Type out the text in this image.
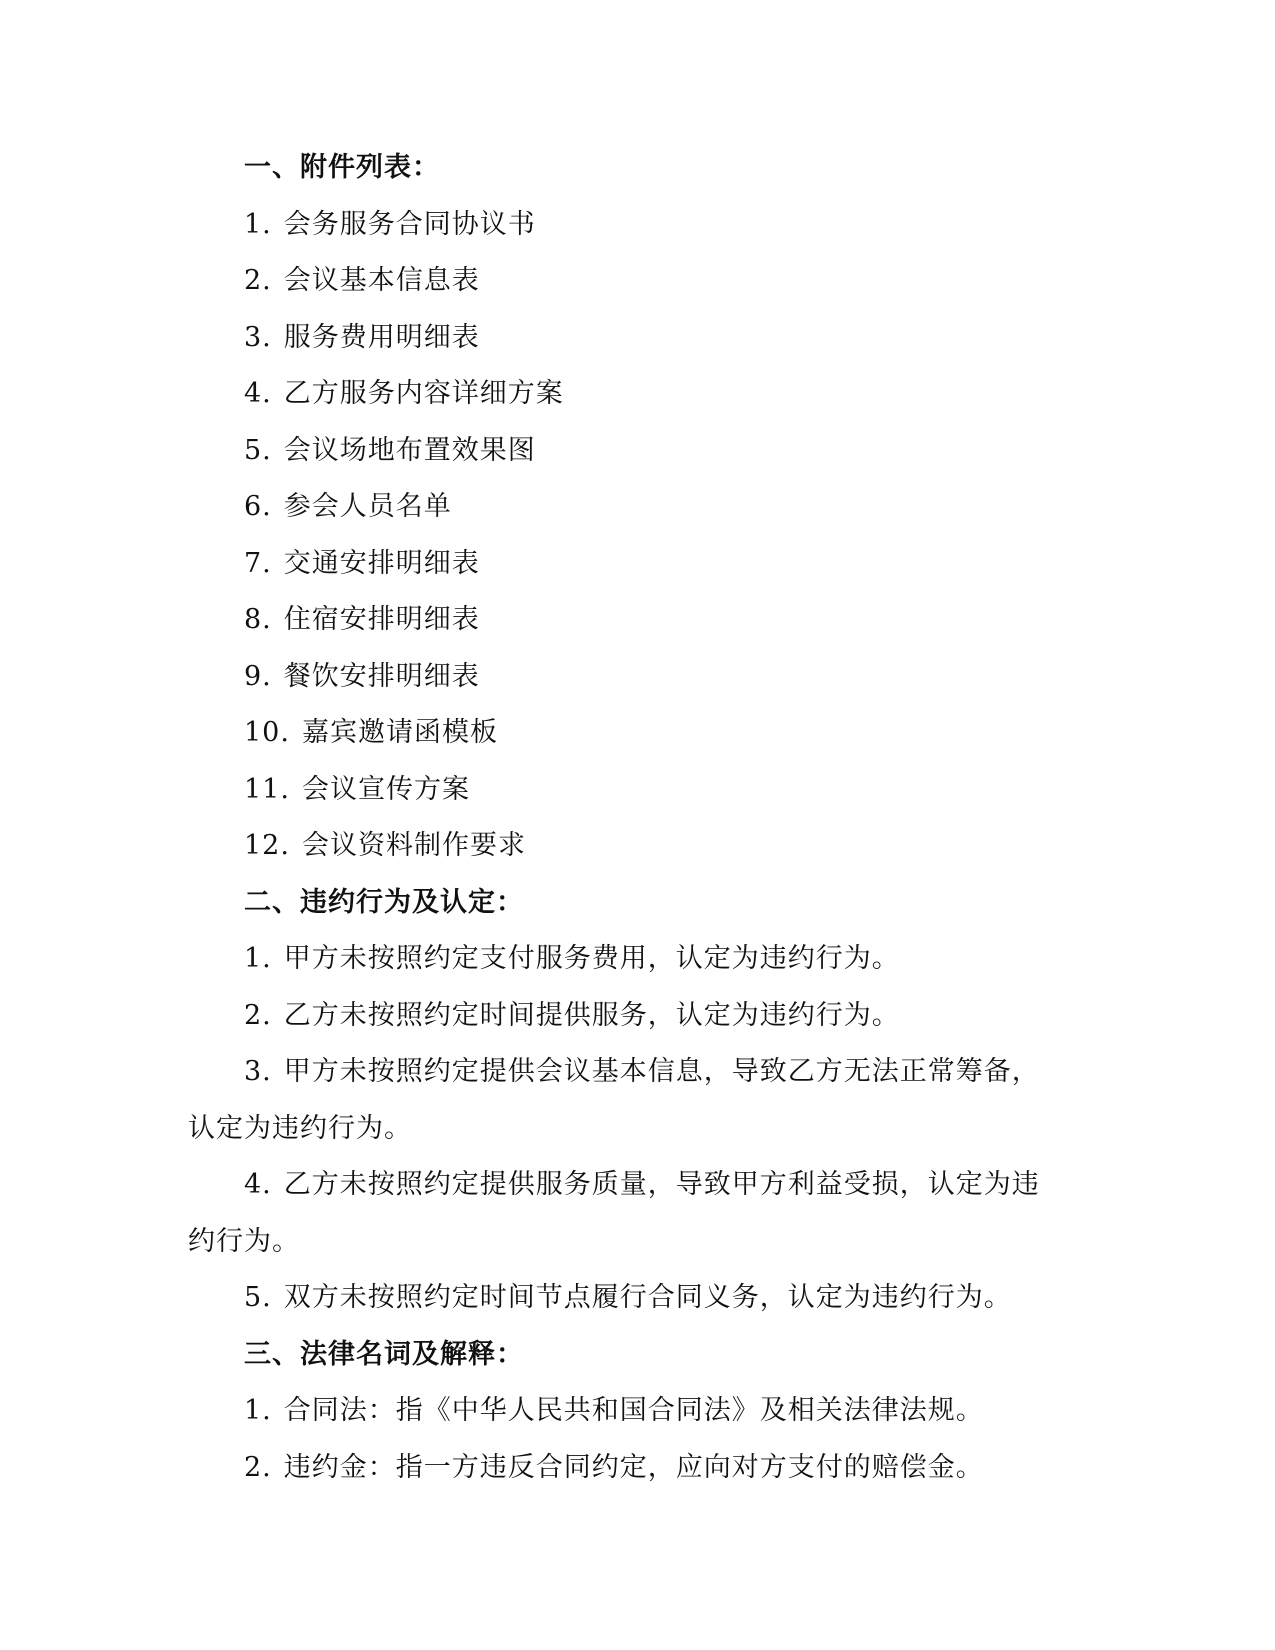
一、附件列表：
1. 会务服务合同协议书
2. 会议基本信息表
3. 服务费用明细表
4. 乙方服务内容详细方案
5. 会议场地布置效果图
6. 参会人员名单
7. 交通安排明细表
8. 住宿安排明细表
9. 餐饮安排明细表
10. 嘉宾邀请函模板
11. 会议宣传方案
12. 会议资料制作要求
二、违约行为及认定：
1. 甲方未按照约定支付服务费用，认定为违约行为。
2. 乙方未按照约定时间提供服务，认定为违约行为。
3. 甲方未按照约定提供会议基本信息，导致乙方无法正常筹备，
认定为违约行为。
4. 乙方未按照约定提供服务质量，导致甲方利益受损，认定为违
约行为。
5. 双方未按照约定时间节点履行合同义务，认定为违约行为。
三、法律名词及解释：
1. 合同法：指《中华人民共和国合同法》及相关法律法规。
2. 违约金：指一方违反合同约定，应向对方支付的赔偿金。
